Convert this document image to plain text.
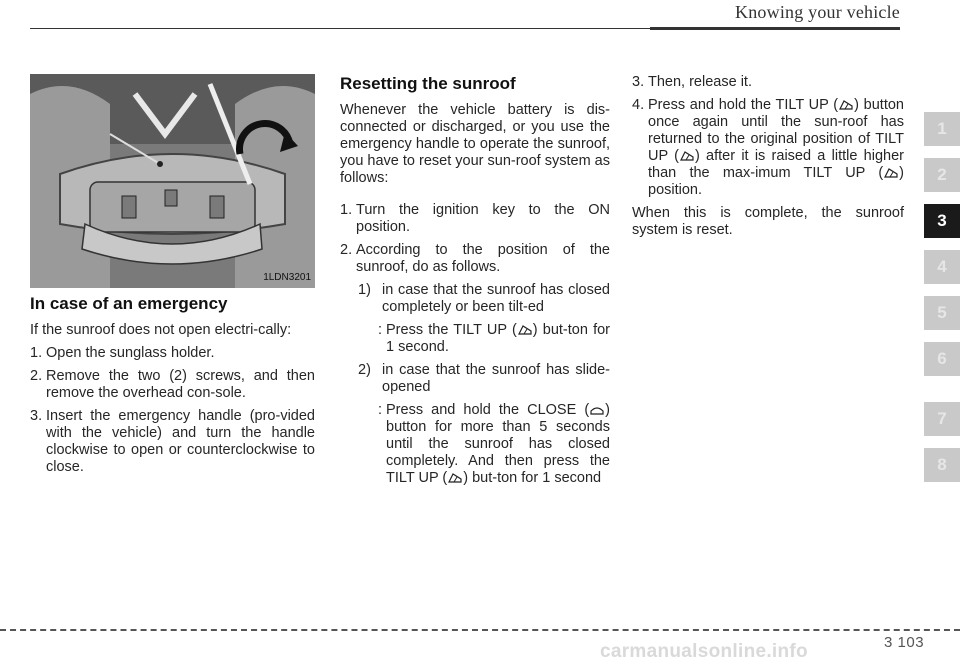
Knowing your vehicle
1LDN3201
In case of an emergency

If the sunroof does not open electri-cally:

1. Open the sunglass holder.
2. Remove the two (2) screws, and then remove the overhead con-sole.
3. Insert the emergency handle (pro-vided with the vehicle) and turn the handle clockwise to open or counterclockwise to close.
Resetting the sunroof

Whenever the vehicle battery is dis-connected or discharged, or you use the emergency handle to operate the sunroof, you have to reset your sun-roof system as follows:

1. Turn the ignition key to the ON position.
2. According to the position of the sunroof, do as follows.
1) in case that the sunroof has closed completely or been tilt-ed
: Press the TILT UP ( ) but-ton for 1 second.
2) in case that the sunroof has slide-opened
: Press and hold the CLOSE ( ) button for more than 5 seconds until the sunroof has closed completely. And then press the TILT UP ( ) but-ton for 1 second
3. Then, release it.
4. Press and hold the TILT UP ( ) button once again until the sun-roof has returned to the original position of TILT UP ( ) after it is raised a little higher than the max-imum TILT UP ( ) position.

When this is complete, the sunroof system is reset.

1
2
3
4
5
6
7
8
3 103
carmanualsonline.info
